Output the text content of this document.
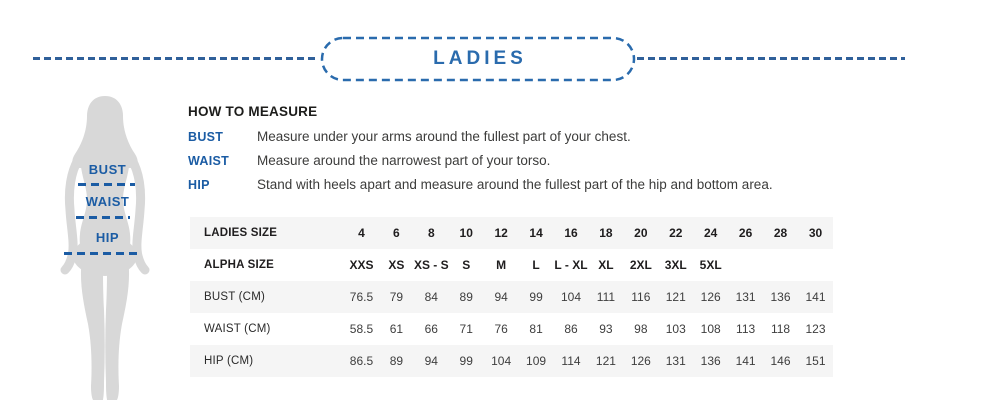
LADIES
BUST
WAIST
HIP
HOW TO MEASURE
BUST	Measure under your arms around the fullest part of your chest.
WAIST	Measure around the narrowest part of your torso.
HIP	Stand with heels apart and measure around the fullest part of the hip and bottom area.
LADIES SIZE	4	6	8	10	12	14	16	18	20	22	24	26	28	30
ALPHA SIZE	XXS	XS	XS - S	S	M	L	L - XL	XL	2XL	3XL	5XL			
BUST (CM)	76.5	79	84	89	94	99	104	111	116	121	126	131	136	141
WAIST (CM)	58.5	61	66	71	76	81	86	93	98	103	108	113	118	123
HIP (CM)	86.5	89	94	99	104	109	114	121	126	131	136	141	146	151
